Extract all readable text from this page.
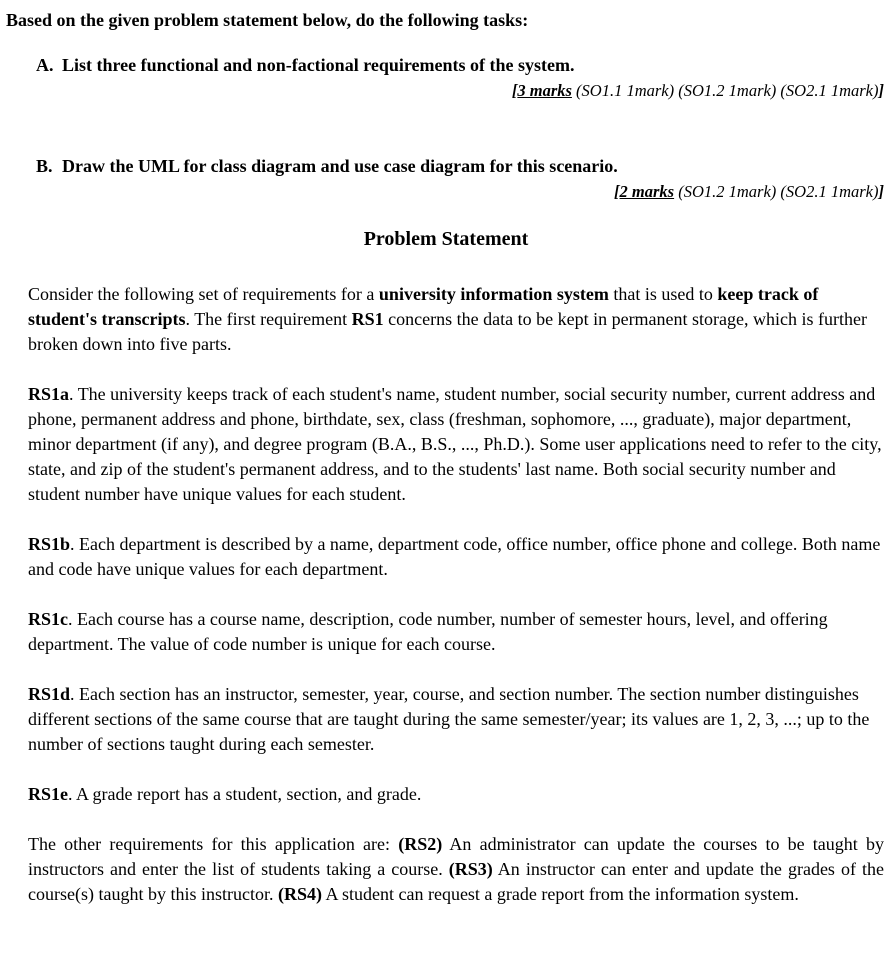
Based on the given problem statement below, do the following tasks:

A. List three functional and non-factional requirements of the system.
[3 marks (SO1.1 1mark) (SO1.2 1mark) (SO2.1 1mark)]
B. Draw the UML for class diagram and use case diagram for this scenario.
[2 marks (SO1.2 1mark) (SO2.1 1mark)]
Problem Statement

Consider the following set of requirements for a university information system that is used to keep track of student's transcripts. The first requirement RS1 concerns the data to be kept in permanent storage, which is further broken down into five parts.

RS1a. The university keeps track of each student's name, student number, social security number, current address and phone, permanent address and phone, birthdate, sex, class (freshman, sophomore, ..., graduate), major department, minor department (if any), and degree program (B.A., B.S., ..., Ph.D.). Some user applications need to refer to the city, state, and zip of the student's permanent address, and to the students' last name. Both social security number and student number have unique values for each student.

RS1b. Each department is described by a name, department code, office number, office phone and college. Both name and code have unique values for each department.

RS1c. Each course has a course name, description, code number, number of semester hours, level, and offering department. The value of code number is unique for each course.

RS1d. Each section has an instructor, semester, year, course, and section number. The section number distinguishes different sections of the same course that are taught during the same semester/year; its values are 1, 2, 3, ...; up to the number of sections taught during each semester.

RS1e. A grade report has a student, section, and grade.

The other requirements for this application are: (RS2) An administrator can update the courses to be taught by instructors and enter the list of students taking a course. (RS3) An instructor can enter and update the grades of the course(s) taught by this instructor. (RS4) A student can request a grade report from the information system.
